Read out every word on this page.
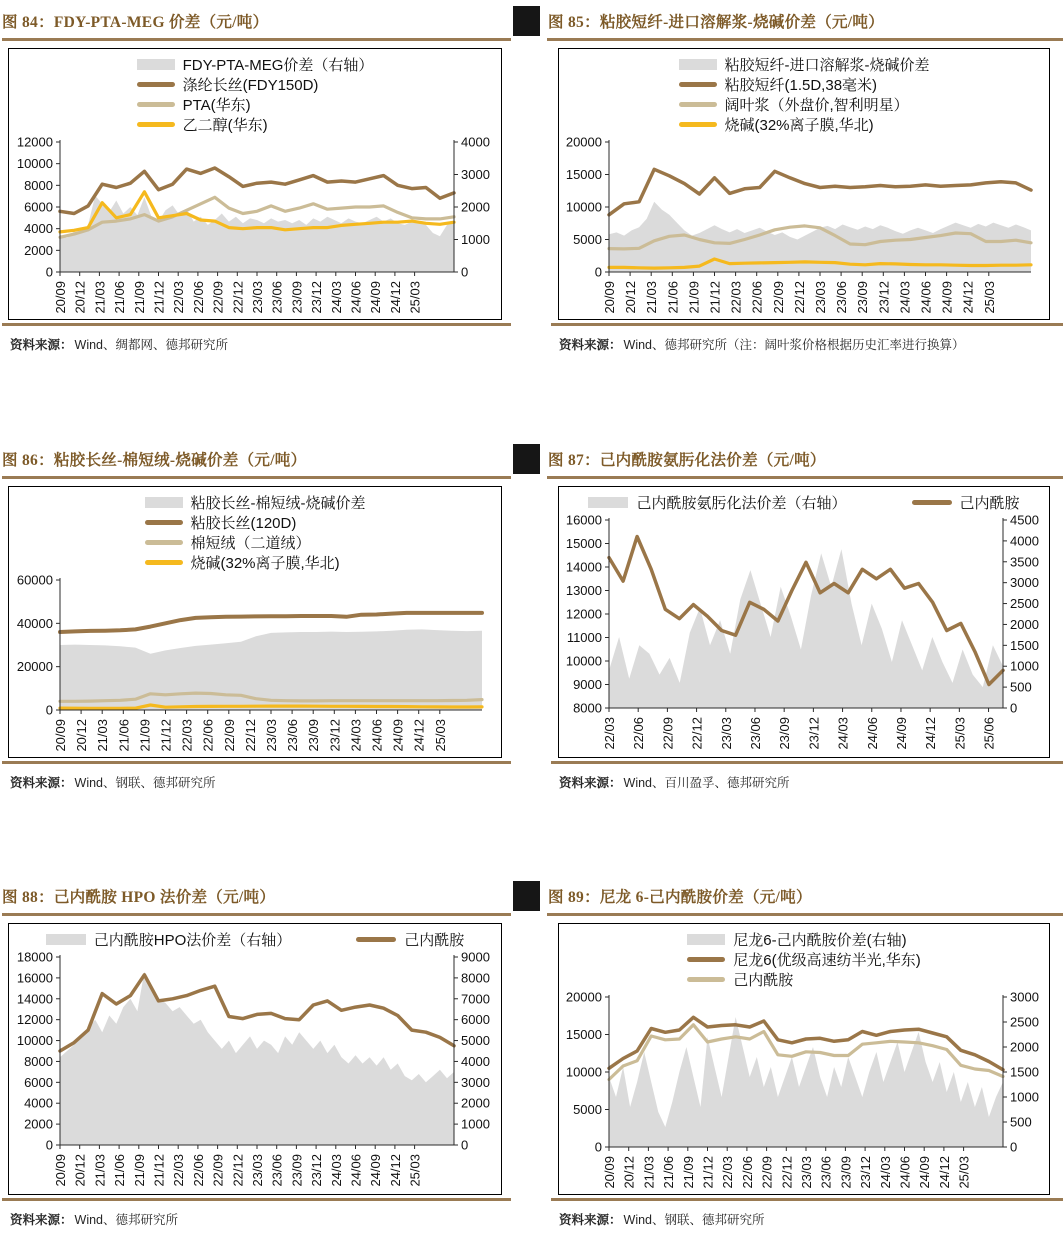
图 84：FDY-PTA-MEG 价差（元/吨）
FDY-PTA-MEG价差（右轴）
涤纶长丝(FDY150D)
PTA(华东)
乙二醇(华东)
0
2000
4000
6000
8000
10000
12000
0
1000
2000
3000
4000
20/09 20/12 21/03 21/06 21/09 21/12 22/03 22/06 22/09 22/12 23/03 23/06 23/09 23/12 24/03 24/06 24/09 24/12 25/03
资料来源： Wind、绸都网、德邦研究所
图 85：粘胶短纤-进口溶解浆-烧碱价差（元/吨）
粘胶短纤-进口溶解浆-烧碱价差
粘胶短纤(1.5D,38毫米)
阔叶浆（外盘价,智利明星）
烧碱(32%离子膜,华北)
0
5000
10000
15000
20000
20/09 20/12 21/03 21/06 21/09 21/12 22/03 22/06 22/09 22/12 23/03 23/06 23/09 23/12 24/03 24/06 24/09 24/12 25/03
资料来源： Wind、德邦研究所（注：阔叶浆价格根据历史汇率进行换算）
图 86：粘胶长丝-棉短绒-烧碱价差（元/吨）
粘胶长丝-棉短绒-烧碱价差
粘胶长丝(120D)
棉短绒（二道绒）
烧碱(32%离子膜,华北)
0
20000
40000
60000
20/09 20/12 21/03 21/06 21/09 21/12 22/03 22/06 22/09 22/12 23/03 23/06 23/09 23/12 24/03 24/06 24/09 24/12 25/03
资料来源： Wind、钢联、德邦研究所
图 87：己内酰胺氨肟化法价差（元/吨）
己内酰胺氨肟化法价差（右轴）	己内酰胺
8000
9000
10000
11000
12000
13000
14000
15000
16000
0
500
1000
1500
2000
2500
3000
3500
4000
4500
22/03 22/06 22/09 22/12 23/03 23/06 23/09 23/12 24/03 24/06 24/09 24/12 25/03 25/06
资料来源： Wind、百川盈孚、德邦研究所
图 88：己内酰胺 HPO 法价差（元/吨）
己内酰胺HPO法价差（右轴）	己内酰胺
0
2000
4000
6000
8000
10000
12000
14000
16000
18000
0
1000
2000
3000
4000
5000
6000
7000
8000
9000
20/09 20/12 21/03 21/06 21/09 21/12 22/03 22/06 22/09 22/12 23/03 23/06 23/09 23/12 24/03 24/06 24/09 24/12 25/03
资料来源： Wind、德邦研究所
图 89：尼龙 6-己内酰胺价差（元/吨）
尼龙6-己内酰胺价差(右轴)
尼龙6(优级高速纺半光,华东)
己内酰胺
0
5000
10000
15000
20000
0
500
1000
1500
2000
2500
3000
20/09 20/12 21/03 21/06 21/09 21/12 22/03 22/06 22/09 22/12 23/03 23/06 23/09 23/12 24/03 24/06 24/09 24/12 25/03
资料来源： Wind、钢联、德邦研究所
